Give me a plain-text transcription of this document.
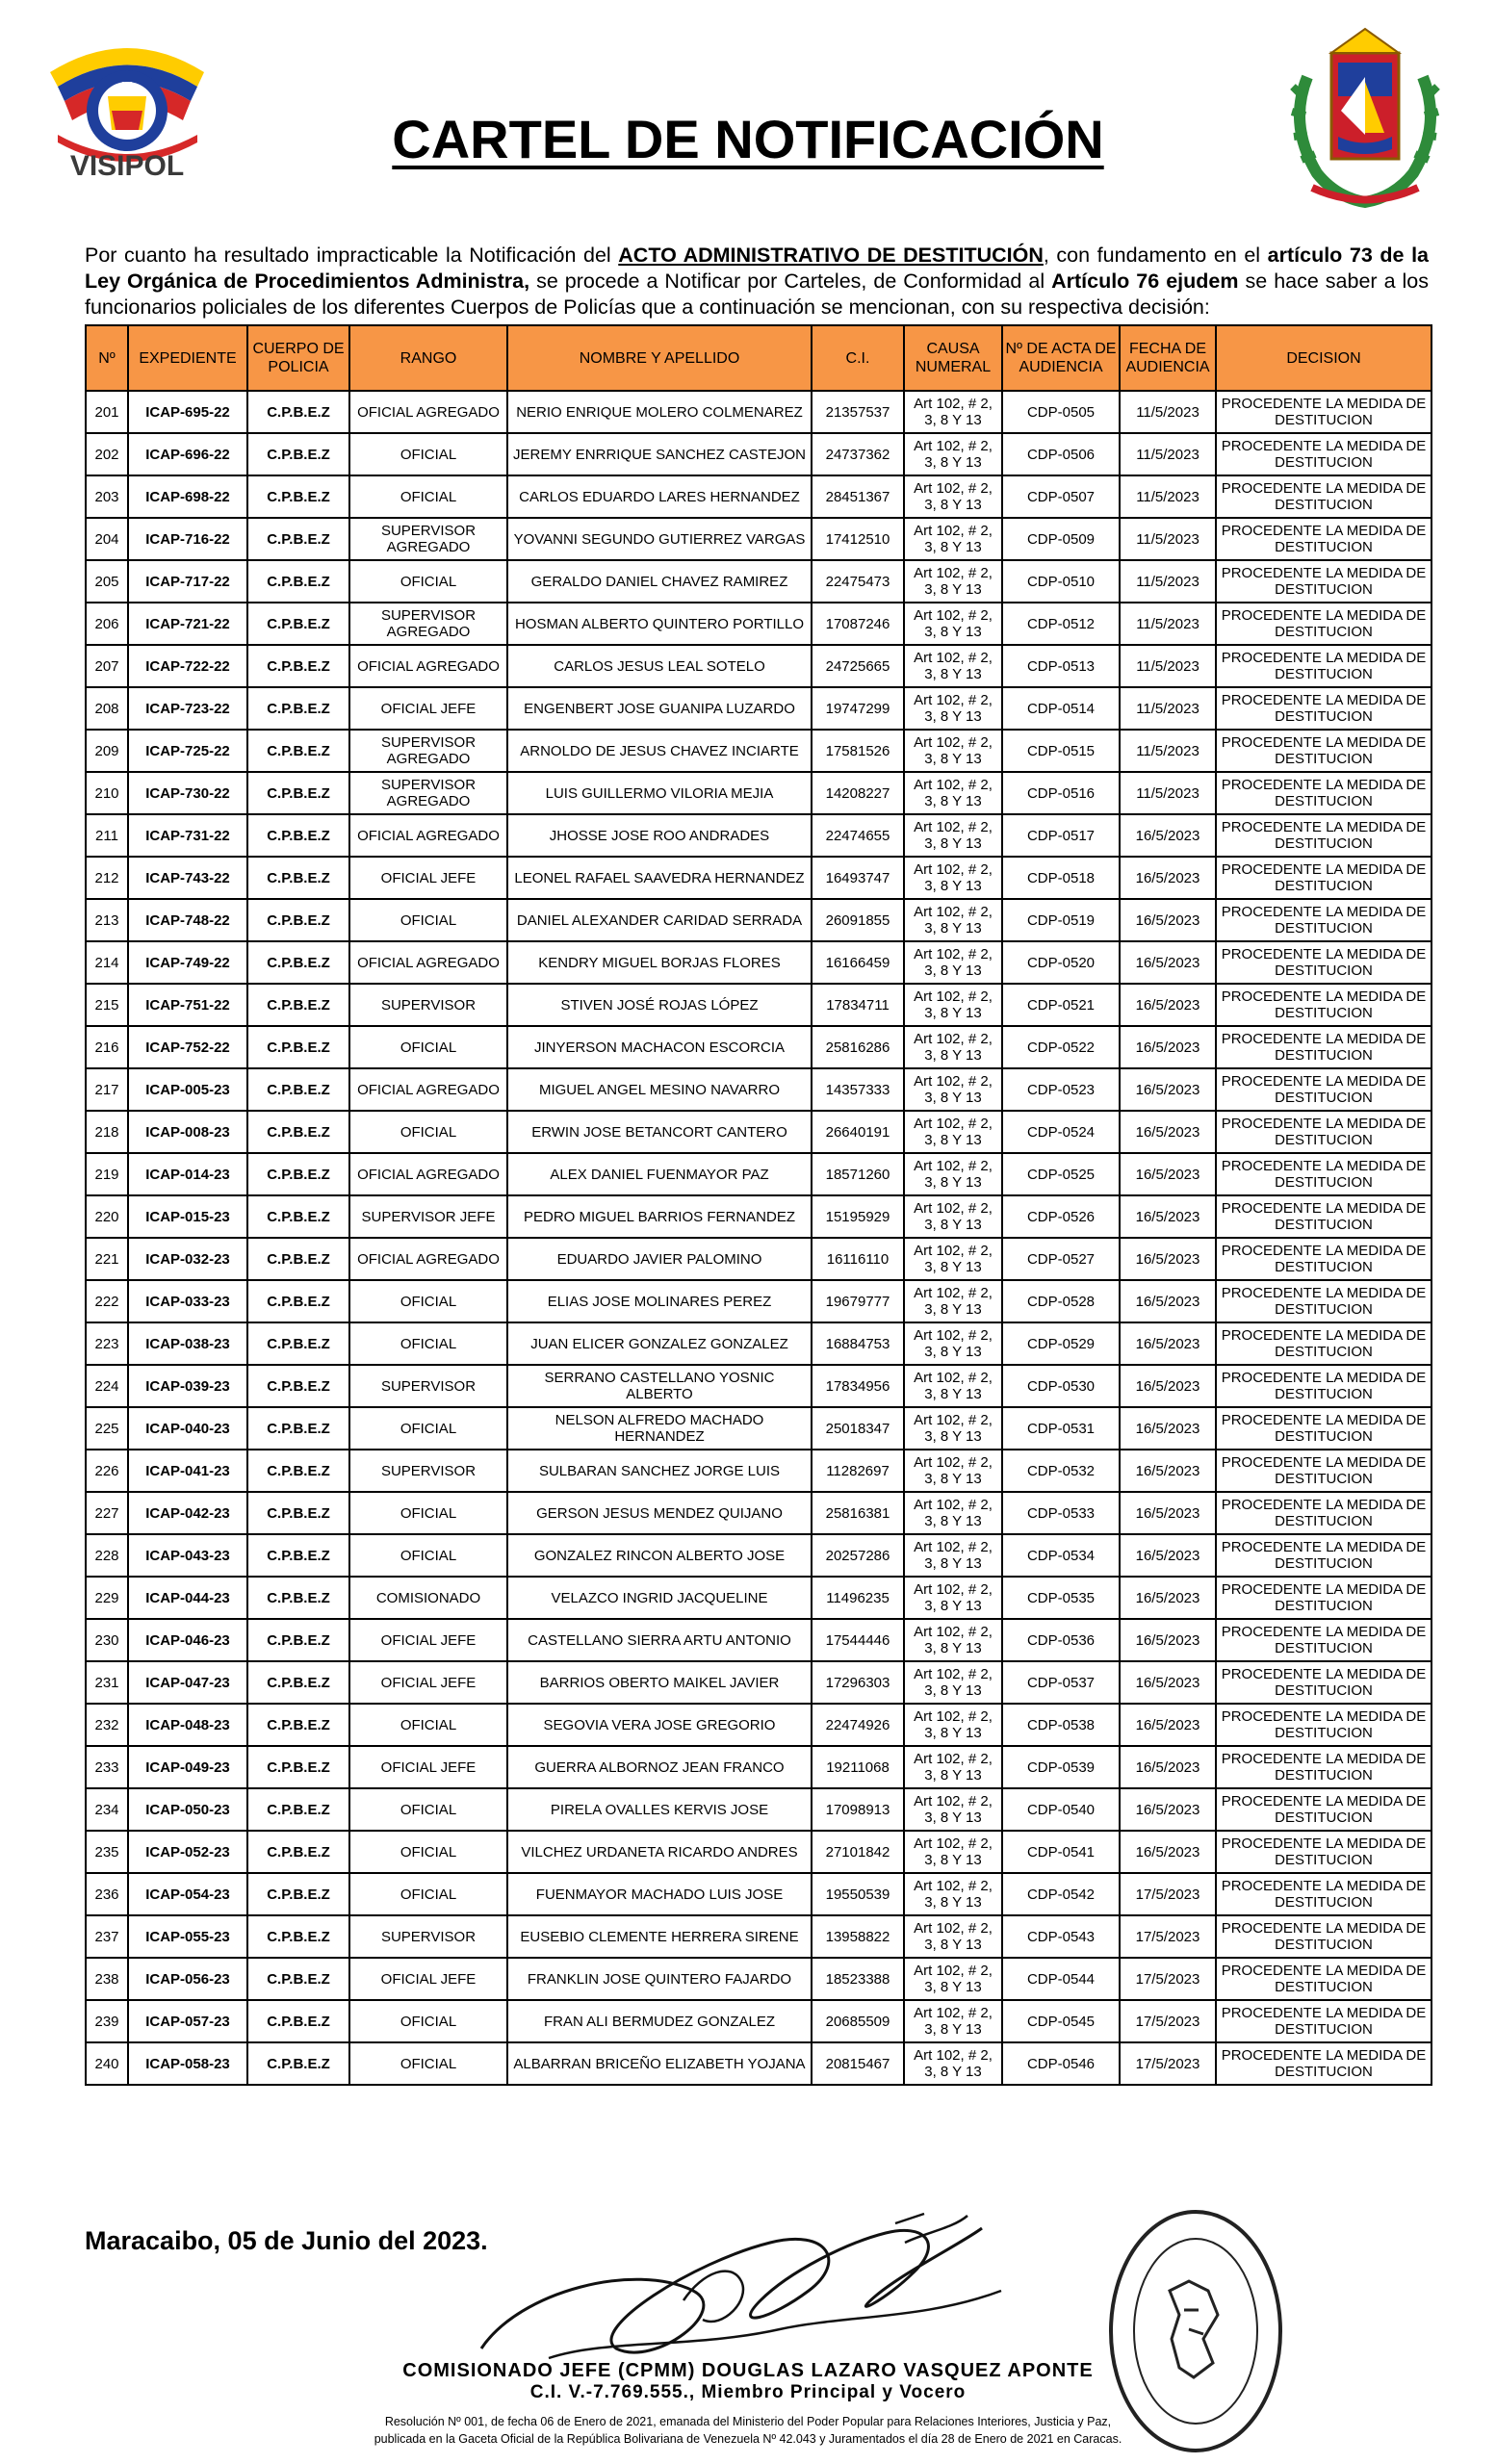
VISIPOL	CARTEL DE NOTIFICACIÓN
Por cuanto ha resultado impracticable la Notificación del ACTO ADMINISTRATIVO DE DESTITUCIÓN, con fundamento en el artículo 73 de la Ley Orgánica de Procedimientos Administra, se procede a Notificar por Carteles, de Conformidad al Artículo 76 ejudem se hace saber a los funcionarios policiales de los diferentes Cuerpos de Policías que a continuación se mencionan, con su respectiva decisión:
Nº	EXPEDIENTE	CUERPO DE POLICIA	RANGO	NOMBRE Y APELLIDO	C.I.	CAUSA NUMERAL	Nº DE ACTA DE AUDIENCIA	FECHA DE AUDIENCIA	DECISION
201	ICAP-695-22	C.P.B.E.Z	OFICIAL AGREGADO	NERIO ENRIQUE MOLERO COLMENAREZ	21357537	Art 102, # 2, 3, 8 Y 13	CDP-0505	11/5/2023	PROCEDENTE LA MEDIDA DE DESTITUCION
202	ICAP-696-22	C.P.B.E.Z	OFICIAL	JEREMY ENRRIQUE SANCHEZ CASTEJON	24737362	Art 102, # 2, 3, 8 Y 13	CDP-0506	11/5/2023	PROCEDENTE LA MEDIDA DE DESTITUCION
203	ICAP-698-22	C.P.B.E.Z	OFICIAL	CARLOS EDUARDO LARES HERNANDEZ	28451367	Art 102, # 2, 3, 8 Y 13	CDP-0507	11/5/2023	PROCEDENTE LA MEDIDA DE DESTITUCION
204	ICAP-716-22	C.P.B.E.Z	SUPERVISOR AGREGADO	YOVANNI SEGUNDO GUTIERREZ VARGAS	17412510	Art 102, # 2, 3, 8 Y 13	CDP-0509	11/5/2023	PROCEDENTE LA MEDIDA DE DESTITUCION
205	ICAP-717-22	C.P.B.E.Z	OFICIAL	GERALDO DANIEL CHAVEZ RAMIREZ	22475473	Art 102, # 2, 3, 8 Y 13	CDP-0510	11/5/2023	PROCEDENTE LA MEDIDA DE DESTITUCION
206	ICAP-721-22	C.P.B.E.Z	SUPERVISOR AGREGADO	HOSMAN ALBERTO QUINTERO PORTILLO	17087246	Art 102, # 2, 3, 8 Y 13	CDP-0512	11/5/2023	PROCEDENTE LA MEDIDA DE DESTITUCION
207	ICAP-722-22	C.P.B.E.Z	OFICIAL AGREGADO	CARLOS JESUS LEAL SOTELO	24725665	Art 102, # 2, 3, 8 Y 13	CDP-0513	11/5/2023	PROCEDENTE LA MEDIDA DE DESTITUCION
208	ICAP-723-22	C.P.B.E.Z	OFICIAL JEFE	ENGENBERT JOSE GUANIPA LUZARDO	19747299	Art 102, # 2, 3, 8 Y 13	CDP-0514	11/5/2023	PROCEDENTE LA MEDIDA DE DESTITUCION
209	ICAP-725-22	C.P.B.E.Z	SUPERVISOR AGREGADO	ARNOLDO DE JESUS CHAVEZ INCIARTE	17581526	Art 102, # 2, 3, 8 Y 13	CDP-0515	11/5/2023	PROCEDENTE LA MEDIDA DE DESTITUCION
210	ICAP-730-22	C.P.B.E.Z	SUPERVISOR AGREGADO	LUIS GUILLERMO VILORIA MEJIA	14208227	Art 102, # 2, 3, 8 Y 13	CDP-0516	11/5/2023	PROCEDENTE LA MEDIDA DE DESTITUCION
211	ICAP-731-22	C.P.B.E.Z	OFICIAL AGREGADO	JHOSSE JOSE ROO ANDRADES	22474655	Art 102, # 2, 3, 8 Y 13	CDP-0517	16/5/2023	PROCEDENTE LA MEDIDA DE DESTITUCION
212	ICAP-743-22	C.P.B.E.Z	OFICIAL JEFE	LEONEL RAFAEL SAAVEDRA HERNANDEZ	16493747	Art 102, # 2, 3, 8 Y 13	CDP-0518	16/5/2023	PROCEDENTE LA MEDIDA DE DESTITUCION
213	ICAP-748-22	C.P.B.E.Z	OFICIAL	DANIEL ALEXANDER CARIDAD SERRADA	26091855	Art 102, # 2, 3, 8 Y 13	CDP-0519	16/5/2023	PROCEDENTE LA MEDIDA DE DESTITUCION
214	ICAP-749-22	C.P.B.E.Z	OFICIAL AGREGADO	KENDRY MIGUEL BORJAS FLORES	16166459	Art 102, # 2, 3, 8 Y 13	CDP-0520	16/5/2023	PROCEDENTE LA MEDIDA DE DESTITUCION
215	ICAP-751-22	C.P.B.E.Z	SUPERVISOR	STIVEN JOSÉ ROJAS LÓPEZ	17834711	Art 102, # 2, 3, 8 Y 13	CDP-0521	16/5/2023	PROCEDENTE LA MEDIDA DE DESTITUCION
216	ICAP-752-22	C.P.B.E.Z	OFICIAL	JINYERSON MACHACON ESCORCIA	25816286	Art 102, # 2, 3, 8 Y 13	CDP-0522	16/5/2023	PROCEDENTE LA MEDIDA DE DESTITUCION
217	ICAP-005-23	C.P.B.E.Z	OFICIAL AGREGADO	MIGUEL ANGEL MESINO NAVARRO	14357333	Art 102, # 2, 3, 8 Y 13	CDP-0523	16/5/2023	PROCEDENTE LA MEDIDA DE DESTITUCION
218	ICAP-008-23	C.P.B.E.Z	OFICIAL	ERWIN JOSE BETANCORT CANTERO	26640191	Art 102, # 2, 3, 8 Y 13	CDP-0524	16/5/2023	PROCEDENTE LA MEDIDA DE DESTITUCION
219	ICAP-014-23	C.P.B.E.Z	OFICIAL AGREGADO	ALEX DANIEL FUENMAYOR PAZ	18571260	Art 102, # 2, 3, 8 Y 13	CDP-0525	16/5/2023	PROCEDENTE LA MEDIDA DE DESTITUCION
220	ICAP-015-23	C.P.B.E.Z	SUPERVISOR JEFE	PEDRO MIGUEL BARRIOS FERNANDEZ	15195929	Art 102, # 2, 3, 8 Y 13	CDP-0526	16/5/2023	PROCEDENTE LA MEDIDA DE DESTITUCION
221	ICAP-032-23	C.P.B.E.Z	OFICIAL AGREGADO	EDUARDO JAVIER PALOMINO	16116110	Art 102, # 2, 3, 8 Y 13	CDP-0527	16/5/2023	PROCEDENTE LA MEDIDA DE DESTITUCION
222	ICAP-033-23	C.P.B.E.Z	OFICIAL	ELIAS JOSE MOLINARES PEREZ	19679777	Art 102, # 2, 3, 8 Y 13	CDP-0528	16/5/2023	PROCEDENTE LA MEDIDA DE DESTITUCION
223	ICAP-038-23	C.P.B.E.Z	OFICIAL	JUAN ELICER GONZALEZ GONZALEZ	16884753	Art 102, # 2, 3, 8 Y 13	CDP-0529	16/5/2023	PROCEDENTE LA MEDIDA DE DESTITUCION
224	ICAP-039-23	C.P.B.E.Z	SUPERVISOR	SERRANO CASTELLANO YOSNIC ALBERTO	17834956	Art 102, # 2, 3, 8 Y 13	CDP-0530	16/5/2023	PROCEDENTE LA MEDIDA DE DESTITUCION
225	ICAP-040-23	C.P.B.E.Z	OFICIAL	NELSON ALFREDO MACHADO HERNANDEZ	25018347	Art 102, # 2, 3, 8 Y 13	CDP-0531	16/5/2023	PROCEDENTE LA MEDIDA DE DESTITUCION
226	ICAP-041-23	C.P.B.E.Z	SUPERVISOR	SULBARAN SANCHEZ JORGE LUIS	11282697	Art 102, # 2, 3, 8 Y 13	CDP-0532	16/5/2023	PROCEDENTE LA MEDIDA DE DESTITUCION
227	ICAP-042-23	C.P.B.E.Z	OFICIAL	GERSON JESUS MENDEZ QUIJANO	25816381	Art 102, # 2, 3, 8 Y 13	CDP-0533	16/5/2023	PROCEDENTE LA MEDIDA DE DESTITUCION
228	ICAP-043-23	C.P.B.E.Z	OFICIAL	GONZALEZ RINCON ALBERTO JOSE	20257286	Art 102, # 2, 3, 8 Y 13	CDP-0534	16/5/2023	PROCEDENTE LA MEDIDA DE DESTITUCION
229	ICAP-044-23	C.P.B.E.Z	COMISIONADO	VELAZCO INGRID JACQUELINE	11496235	Art 102, # 2, 3, 8 Y 13	CDP-0535	16/5/2023	PROCEDENTE LA MEDIDA DE DESTITUCION
230	ICAP-046-23	C.P.B.E.Z	OFICIAL JEFE	CASTELLANO SIERRA ARTU ANTONIO	17544446	Art 102, # 2, 3, 8 Y 13	CDP-0536	16/5/2023	PROCEDENTE LA MEDIDA DE DESTITUCION
231	ICAP-047-23	C.P.B.E.Z	OFICIAL JEFE	BARRIOS OBERTO MAIKEL JAVIER	17296303	Art 102, # 2, 3, 8 Y 13	CDP-0537	16/5/2023	PROCEDENTE LA MEDIDA DE DESTITUCION
232	ICAP-048-23	C.P.B.E.Z	OFICIAL	SEGOVIA VERA JOSE GREGORIO	22474926	Art 102, # 2, 3, 8 Y 13	CDP-0538	16/5/2023	PROCEDENTE LA MEDIDA DE DESTITUCION
233	ICAP-049-23	C.P.B.E.Z	OFICIAL JEFE	GUERRA ALBORNOZ JEAN FRANCO	19211068	Art 102, # 2, 3, 8 Y 13	CDP-0539	16/5/2023	PROCEDENTE LA MEDIDA DE DESTITUCION
234	ICAP-050-23	C.P.B.E.Z	OFICIAL	PIRELA OVALLES KERVIS JOSE	17098913	Art 102, # 2, 3, 8 Y 13	CDP-0540	16/5/2023	PROCEDENTE LA MEDIDA DE DESTITUCION
235	ICAP-052-23	C.P.B.E.Z	OFICIAL	VILCHEZ URDANETA RICARDO ANDRES	27101842	Art 102, # 2, 3, 8 Y 13	CDP-0541	16/5/2023	PROCEDENTE LA MEDIDA DE DESTITUCION
236	ICAP-054-23	C.P.B.E.Z	OFICIAL	FUENMAYOR MACHADO LUIS JOSE	19550539	Art 102, # 2, 3, 8 Y 13	CDP-0542	17/5/2023	PROCEDENTE LA MEDIDA DE DESTITUCION
237	ICAP-055-23	C.P.B.E.Z	SUPERVISOR	EUSEBIO CLEMENTE HERRERA SIRENE	13958822	Art 102, # 2, 3, 8 Y 13	CDP-0543	17/5/2023	PROCEDENTE LA MEDIDA DE DESTITUCION
238	ICAP-056-23	C.P.B.E.Z	OFICIAL JEFE	FRANKLIN JOSE QUINTERO FAJARDO	18523388	Art 102, # 2, 3, 8 Y 13	CDP-0544	17/5/2023	PROCEDENTE LA MEDIDA DE DESTITUCION
239	ICAP-057-23	C.P.B.E.Z	OFICIAL	FRAN ALI BERMUDEZ GONZALEZ	20685509	Art 102, # 2, 3, 8 Y 13	CDP-0545	17/5/2023	PROCEDENTE LA MEDIDA DE DESTITUCION
240	ICAP-058-23	C.P.B.E.Z	OFICIAL	ALBARRAN BRICEÑO ELIZABETH YOJANA	20815467	Art 102, # 2, 3, 8 Y 13	CDP-0546	17/5/2023	PROCEDENTE LA MEDIDA DE DESTITUCION
Maracaibo, 05 de Junio del 2023.
COMISIONADO JEFE (CPMM) DOUGLAS LAZARO VASQUEZ APONTE
C.I. V.-7.769.555., Miembro Principal y Vocero
Resolución Nº 001, de fecha 06 de Enero de 2021, emanada del Ministerio del Poder Popular para Relaciones Interiores, Justicia y Paz,
publicada en la Gaceta Oficial de la República Bolivariana de Venezuela Nº 42.043 y Juramentados el día 28 de Enero de 2021 en Caracas.
